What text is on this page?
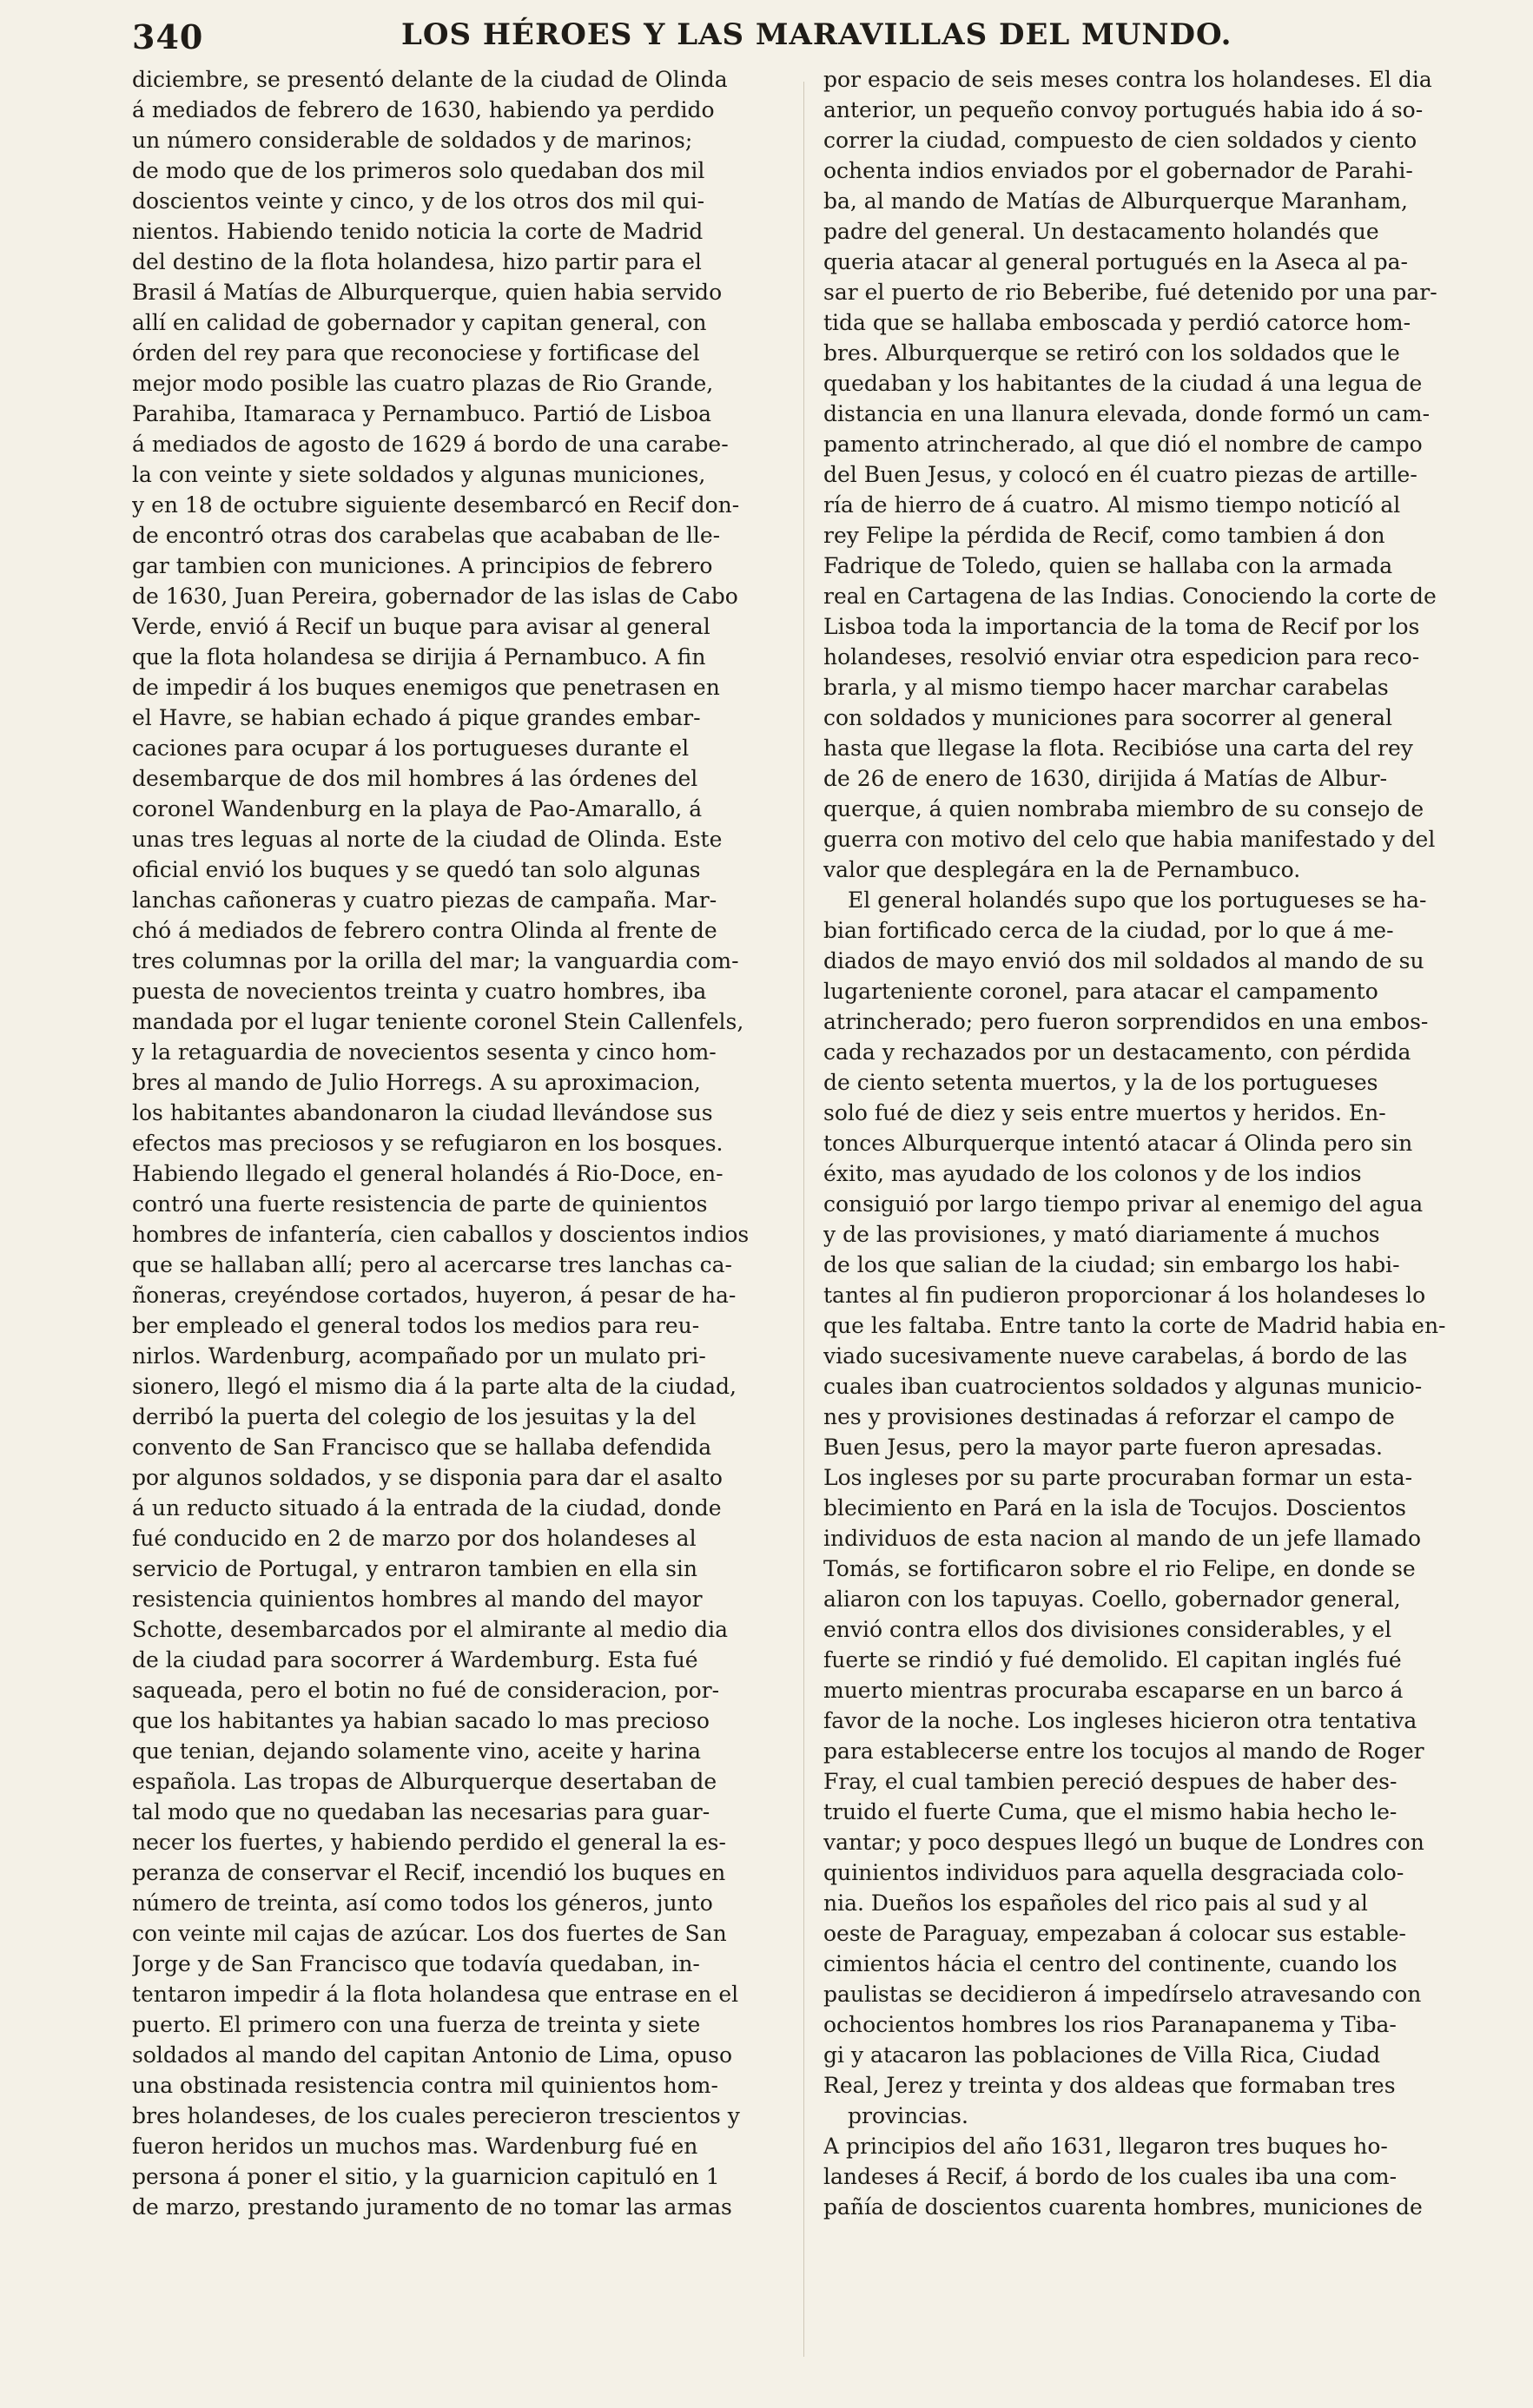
340	LOS HÉROES Y LAS MARAVILLAS DEL MUNDO.
diciembre, se presentó delante de la ciudad de Olinda
á mediados de febrero de 1630, habiendo ya perdido
un número considerable de soldados y de marinos;
de modo que de los primeros solo quedaban dos mil
doscientos veinte y cinco, y de los otros dos mil qui-
nientos. Habiendo tenido noticia la corte de Madrid
del destino de la flota holandesa, hizo partir para el
Brasil á Matías de Alburquerque, quien habia servido
allí en calidad de gobernador y capitan general, con
órden del rey para que reconociese y fortificase del
mejor modo posible las cuatro plazas de Rio Grande,
Parahiba, Itamaraca y Pernambuco. Partió de Lisboa
á mediados de agosto de 1629 á bordo de una carabe-
la con veinte y siete soldados y algunas municiones,
y en 18 de octubre siguiente desembarcó en Recif don-
de encontró otras dos carabelas que acababan de lle-
gar tambien con municiones. A principios de febrero
de 1630, Juan Pereira, gobernador de las islas de Cabo
Verde, envió á Recif un buque para avisar al general
que la flota holandesa se dirijia á Pernambuco. A fin
de impedir á los buques enemigos que penetrasen en
el Havre, se habian echado á pique grandes embar-
caciones para ocupar á los portugueses durante el
desembarque de dos mil hombres á las órdenes del
coronel Wandenburg en la playa de Pao-Amarallo, á
unas tres leguas al norte de la ciudad de Olinda. Este
oficial envió los buques y se quedó tan solo algunas
lanchas cañoneras y cuatro piezas de campaña. Mar-
chó á mediados de febrero contra Olinda al frente de
tres columnas por la orilla del mar; la vanguardia com-
puesta de novecientos treinta y cuatro hombres, iba
mandada por el lugar teniente coronel Stein Callenfels,
y la retaguardia de novecientos sesenta y cinco hom-
bres al mando de Julio Horregs. A su aproximacion,
los habitantes abandonaron la ciudad llevándose sus
efectos mas preciosos y se refugiaron en los bosques.
Habiendo llegado el general holandés á Rio-Doce, en-
contró una fuerte resistencia de parte de quinientos
hombres de infantería, cien caballos y doscientos indios
que se hallaban allí; pero al acercarse tres lanchas ca-
ñoneras, creyéndose cortados, huyeron, á pesar de ha-
ber empleado el general todos los medios para reu-
nirlos. Wardenburg, acompañado por un mulato pri-
sionero, llegó el mismo dia á la parte alta de la ciudad,
derribó la puerta del colegio de los jesuitas y la del
convento de San Francisco que se hallaba defendida
por algunos soldados, y se disponia para dar el asalto
á un reducto situado á la entrada de la ciudad, donde
fué conducido en 2 de marzo por dos holandeses al
servicio de Portugal, y entraron tambien en ella sin
resistencia quinientos hombres al mando del mayor
Schotte, desembarcados por el almirante al medio dia
de la ciudad para socorrer á Wardemburg. Esta fué
saqueada, pero el botin no fué de consideracion, por-
que los habitantes ya habian sacado lo mas precioso
que tenian, dejando solamente vino, aceite y harina
española. Las tropas de Alburquerque desertaban de
tal modo que no quedaban las necesarias para guar-
necer los fuertes, y habiendo perdido el general la es-
peranza de conservar el Recif, incendió los buques en
número de treinta, así como todos los géneros, junto
con veinte mil cajas de azúcar. Los dos fuertes de San
Jorge y de San Francisco que todavía quedaban, in-
tentaron impedir á la flota holandesa que entrase en el
puerto. El primero con una fuerza de treinta y siete
soldados al mando del capitan Antonio de Lima, opuso
una obstinada resistencia contra mil quinientos hom-
bres holandeses, de los cuales perecieron trescientos y
fueron heridos un muchos mas. Wardenburg fué en
persona á poner el sitio, y la guarnicion capituló en 1
de marzo, prestando juramento de no tomar las armas
por espacio de seis meses contra los holandeses. El dia
anterior, un pequeño convoy portugués habia ido á so-
correr la ciudad, compuesto de cien soldados y ciento
ochenta indios enviados por el gobernador de Parahi-
ba, al mando de Matías de Alburquerque Maranham,
padre del general. Un destacamento holandés que
queria atacar al general portugués en la Aseca al pa-
sar el puerto de rio Beberibe, fué detenido por una par-
tida que se hallaba emboscada y perdió catorce hom-
bres. Alburquerque se retiró con los soldados que le
quedaban y los habitantes de la ciudad á una legua de
distancia en una llanura elevada, donde formó un cam-
pamento atrincherado, al que dió el nombre de campo
del Buen Jesus, y colocó en él cuatro piezas de artille-
ría de hierro de á cuatro. Al mismo tiempo noticíó al
rey Felipe la pérdida de Recif, como tambien á don
Fadrique de Toledo, quien se hallaba con la armada
real en Cartagena de las Indias. Conociendo la corte de
Lisboa toda la importancia de la toma de Recif por los
holandeses, resolvió enviar otra espedicion para reco-
brarla, y al mismo tiempo hacer marchar carabelas
con soldados y municiones para socorrer al general
hasta que llegase la flota. Recibióse una carta del rey
de 26 de enero de 1630, dirijida á Matías de Albur-
querque, á quien nombraba miembro de su consejo de
guerra con motivo del celo que habia manifestado y del
valor que desplegára en la de Pernambuco.
El general holandés supo que los portugueses se ha-
bian fortificado cerca de la ciudad, por lo que á me-
diados de mayo envió dos mil soldados al mando de su
lugarteniente coronel, para atacar el campamento
atrincherado; pero fueron sorprendidos en una embos-
cada y rechazados por un destacamento, con pérdida
de ciento setenta muertos, y la de los portugueses
solo fué de diez y seis entre muertos y heridos. En-
tonces Alburquerque intentó atacar á Olinda pero sin
éxito, mas ayudado de los colonos y de los indios
consiguió por largo tiempo privar al enemigo del agua
y de las provisiones, y mató diariamente á muchos
de los que salian de la ciudad; sin embargo los habi-
tantes al fin pudieron proporcionar á los holandeses lo
que les faltaba. Entre tanto la corte de Madrid habia en-
viado sucesivamente nueve carabelas, á bordo de las
cuales iban cuatrocientos soldados y algunas municio-
nes y provisiones destinadas á reforzar el campo de
Buen Jesus, pero la mayor parte fueron apresadas.
Los ingleses por su parte procuraban formar un esta-
blecimiento en Pará en la isla de Tocujos. Doscientos
individuos de esta nacion al mando de un jefe llamado
Tomás, se fortificaron sobre el rio Felipe, en donde se
aliaron con los tapuyas. Coello, gobernador general,
envió contra ellos dos divisiones considerables, y el
fuerte se rindió y fué demolido. El capitan inglés fué
muerto mientras procuraba escaparse en un barco á
favor de la noche. Los ingleses hicieron otra tentativa
para establecerse entre los tocujos al mando de Roger
Fray, el cual tambien pereció despues de haber des-
truido el fuerte Cuma, que el mismo habia hecho le-
vantar; y poco despues llegó un buque de Londres con
quinientos individuos para aquella desgraciada colo-
nia. Dueños los españoles del rico pais al sud y al
oeste de Paraguay, empezaban á colocar sus estable-
cimientos hácia el centro del continente, cuando los
paulistas se decidieron á impedírselo atravesando con
ochocientos hombres los rios Paranapanema y Tiba-
gi y atacaron las poblaciones de Villa Rica, Ciudad
Real, Jerez y treinta y dos aldeas que formaban tres
provincias.
A principios del año 1631, llegaron tres buques ho-
landeses á Recif, á bordo de los cuales iba una com-
pañía de doscientos cuarenta hombres, municiones de
